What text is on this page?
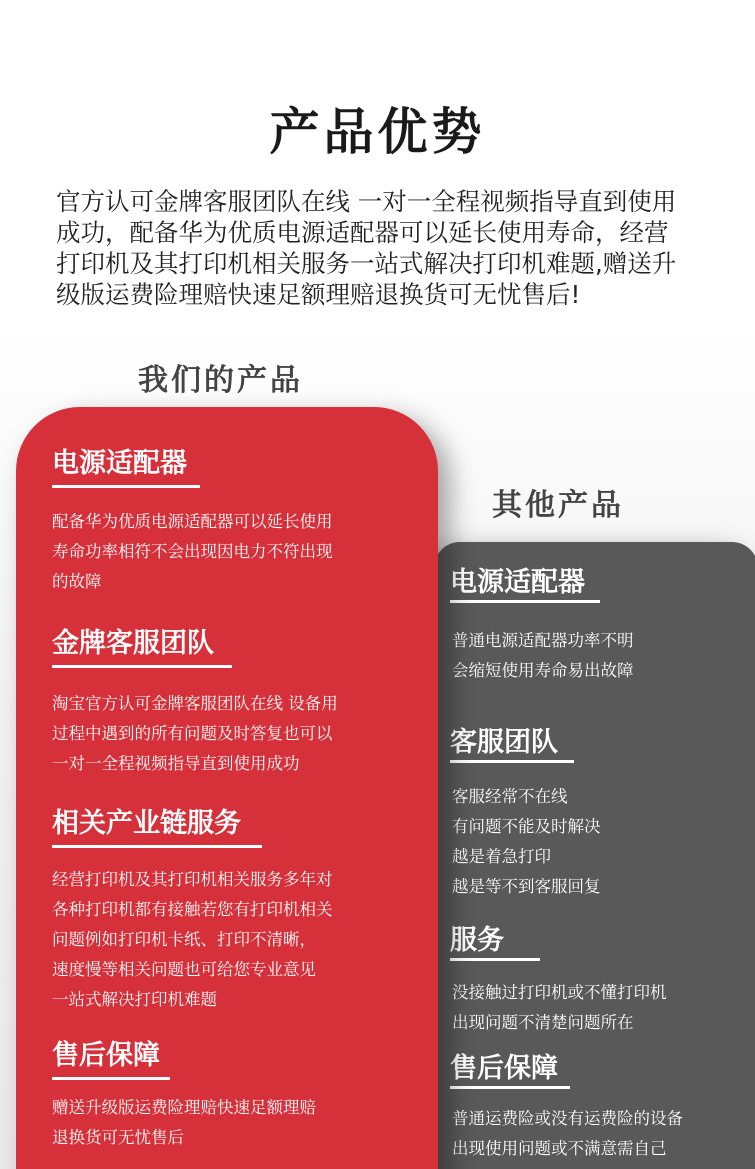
产品优势

官方认可金牌客服团队在线 一对一全程视频指导直到使用

成功，配备华为优质电源适配器可以延长使用寿命，经营

打印机及其打印机相关服务一站式解决打印机难题,赠送升

级版运费险理赔快速足额理赔退换货可无忧售后!

我们的产品
其他产品
电源适配器

普通电源适配器功率不明

会缩短使用寿命易出故障

客服团队

客服经常不在线

有问题不能及时解决

越是着急打印

越是等不到客服回复

服务

没接触过打印机或不懂打印机

出现问题不清楚问题所在

售后保障

普通运费险或没有运费险的设备

出现使用问题或不满意需自己

电源适配器

配备华为优质电源适配器可以延长使用

寿命功率相符不会出现因电力不符出现

的故障

金牌客服团队

淘宝官方认可金牌客服团队在线 设备用

过程中遇到的所有问题及时答复也可以

一对一全程视频指导直到使用成功

相关产业链服务

经营打印机及其打印机相关服务多年对

各种打印机都有接触若您有打印机相关

问题例如打印机卡纸、打印不清晰，

速度慢等相关问题也可给您专业意见

一站式解决打印机难题

售后保障

赠送升级版运费险理赔快速足额理赔

退换货可无忧售后
